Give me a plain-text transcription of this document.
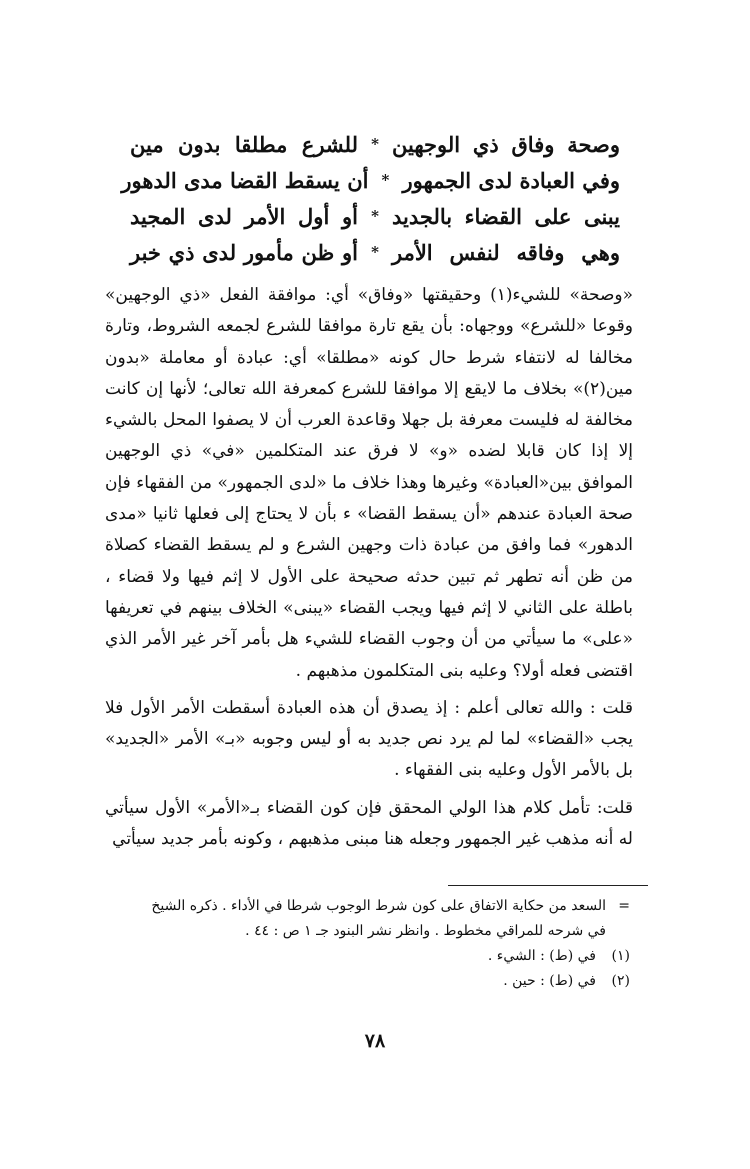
وصحة وفاق ذي الوجهين
*
للشرع مطلقا بدون مين
وفي العبادة لدى الجمهور
*
أن يسقط القضا مدى الدهور
يبنى على القضاء بالجديد
*
أو أول الأمر لدى المجيد
وهي وفاقه لنفس الأمر
*
أو ظن مأمور لدى ذي خبر

«وصحة» للشيء(١) وحقيقتها «وفاق» أي: موافقة الفعل «ذي الوجهين» وقوعا «للشرع» ووجهاه: بأن يقع تارة موافقا للشرع لجمعه الشروط، وتارة مخالفا له لانتفاء شرط حال كونه «مطلقا» أي: عبادة أو معاملة «بدون مين(٢)» بخلاف ما لايقع إلا موافقا للشرع كمعرفة الله تعالى؛ لأنها إن كانت مخالفة له فليست معرفة بل جهلا وقاعدة العرب أن لا يصفوا المحل بالشيء إلا إذا كان قابلا لضده «و» لا فرق عند المتكلمين «في» ذي الوجهين الموافق بين«العبادة» وغيرها وهذا خلاف ما «لدى الجمهور» من الفقهاء فإن صحة العبادة عندهم «أن يسقط القضا» ء بأن لا يحتاج إلى فعلها ثانيا «مدى الدهور» فما وافق من عبادة ذات وجهين الشرع و لم يسقط القضاء كصلاة من ظن أنه تطهر ثم تبين حدثه صحيحة على الأول لا إثم فيها ولا قضاء ، باطلة على الثاني لا إثم فيها ويجب القضاء «يبنى» الخلاف بينهم في تعريفها «على» ما سيأتي من أن وجوب القضاء للشيء هل بأمر آخر غير الأمر الذي اقتضى فعله أولا؟ وعليه بنى المتكلمون مذهبهم .

قلت : والله تعالى أعلم : إذ يصدق أن هذه العبادة أسقطت الأمر الأول فلا يجب «القضاء» لما لم يرد نص جديد به أو ليس وجوبه «بـ» الأمر «الجديد» بل بالأمر الأول وعليه بنى الفقهاء .

قلت: تأمل كلام هذا الولي المحقق فإن كون القضاء بـ«الأمر» الأول سيأتي له أنه مذهب غير الجمهور وجعله هنا مبنى مذهبهم ، وكونه بأمر جديد سيأتي

=
السعد من حكاية الاتفاق على كون شرط الوجوب شرطا في الأداء . ذكره الشيخ في شرحه للمراقي مخطوط . وانظر نشر البنود جـ ١ ص : ٤٤ .
(١)
في (ط) : الشيء .
(٢)
في (ط) : حين .
٧٨
